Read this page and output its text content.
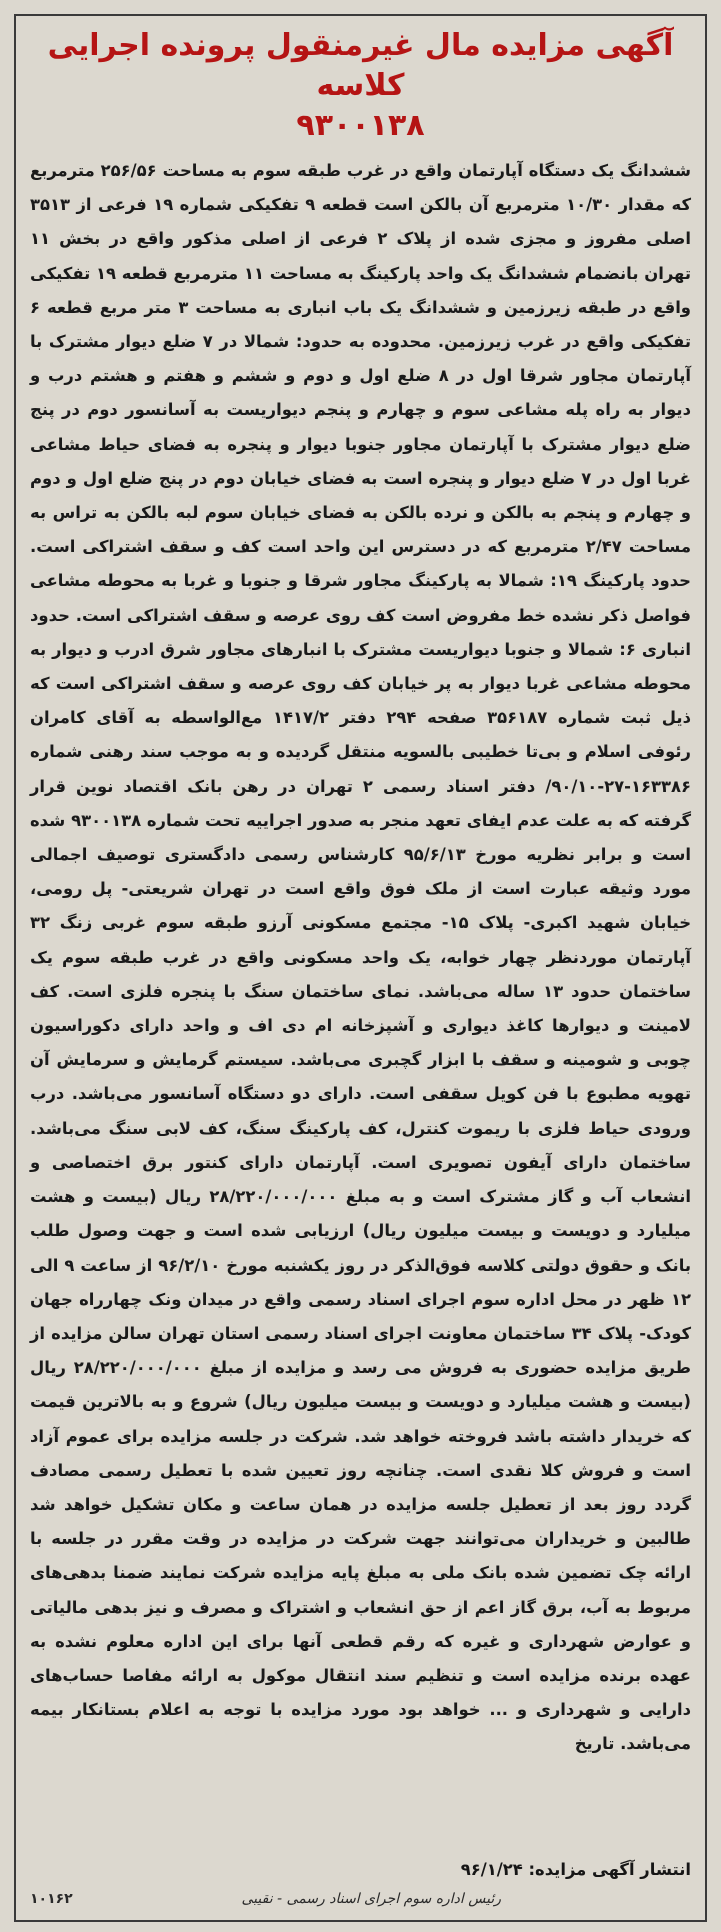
آگهی مزایده مال غیرمنقول پرونده اجرایی کلاسه
۹۳۰۰۱۳۸

ششدانگ یک دستگاه آپارتمان واقع در غرب طبقه سوم به مساحت ۲۵۶/۵۶ مترمربع که مقدار ۱۰/۳۰ مترمربع آن بالکن است قطعه ۹ تفکیکی شماره ۱۹ فرعی از ۳۵۱۳ اصلی مفروز و مجزی شده از پلاک ۲ فرعی از اصلی مذکور واقع در بخش ۱۱ تهران بانضمام ششدانگ یک واحد پارکینگ به مساحت ۱۱ مترمربع قطعه ۱۹ تفکیکی واقع در طبقه زیرزمین و ششدانگ یک باب انباری به مساحت ۳ متر مربع قطعه ۶ تفکیکی واقع در غرب زیرزمین. محدوده به حدود: شمالا در ۷ ضلع دیوار مشترک با آپارتمان مجاور شرقا اول در ۸ ضلع اول و دوم و ششم و هفتم و هشتم درب و دیوار به راه پله مشاعی سوم و چهارم و پنجم دیواریست به آسانسور دوم در پنج ضلع دیوار مشترک با آپارتمان مجاور جنوبا دیوار و پنجره به فضای حیاط مشاعی غربا اول در ۷ ضلع دیوار و پنجره است به فضای خیابان دوم در پنج ضلع اول و دوم و چهارم و پنجم به بالکن و نرده بالکن به فضای خیابان سوم لبه بالکن به تراس به مساحت ۲/۴۷ مترمربع که در دسترس این واحد است کف و سقف اشتراکی است. حدود پارکینگ ۱۹: شمالا به پارکینگ مجاور شرقا و جنوبا و غربا به محوطه مشاعی فواصل ذکر نشده خط مفروض است کف روی عرصه و سقف اشتراکی است. حدود انباری ۶: شمالا و جنوبا دیواریست مشترک با انبارهای مجاور شرق ادرب و دیوار به محوطه مشاعی غربا دیوار به پر خیابان کف روی عرصه و سقف اشتراکی است که ذیل ثبت شماره ۳۵۶۱۸۷ صفحه ۲۹۴ دفتر ۱۴۱۷/۲ مع‌الواسطه به آقای کامران رئوفی اسلام و بی‌تا خطیبی بالسویه منتقل گردیده و به موجب سند رهنی شماره ۱۶۳۳۸۶-۲۷-۹۰/۱۰/ دفتر اسناد رسمی ۲ تهران در رهن بانک اقتصاد نوین قرار گرفته که به علت عدم ایفای تعهد منجر به صدور اجراییه تحت شماره ۹۳۰۰۱۳۸ شده است و برابر نظریه مورخ ۹۵/۶/۱۳ کارشناس رسمی دادگستری توصیف اجمالی مورد وثیقه عبارت است از ملک فوق واقع است در تهران شریعتی- پل رومی، خیابان شهید اکبری- پلاک ۱۵- مجتمع مسکونی آرزو طبقه سوم غربی زنگ ۳۲ آپارتمان موردنظر چهار خوابه، یک واحد مسکونی واقع در غرب طبقه سوم یک ساختمان حدود ۱۳ ساله می‌باشد. نمای ساختمان سنگ با پنجره فلزی است. کف لامینت و دیوارها کاغذ دیواری و آشپزخانه ام دی اف و واحد دارای دکوراسیون چوبی و شومینه و سقف با ابزار گچبری می‌باشد. سیستم گرمایش و سرمایش آن تهویه مطبوع با فن کویل سقفی است. دارای دو دستگاه آسانسور می‌باشد. درب ورودی حیاط فلزی با ریموت کنترل، کف پارکینگ سنگ، کف لابی سنگ می‌باشد. ساختمان دارای آیفون تصویری است. آپارتمان دارای کنتور برق اختصاصی و انشعاب آب و گاز مشترک است و به مبلغ ۲۸/۲۲۰/۰۰۰/۰۰۰ ریال (بیست و هشت میلیارد و دویست و بیست میلیون ریال) ارزیابی شده است و جهت وصول طلب بانک و حقوق دولتی کلاسه فوق‌الذکر در روز یکشنبه مورخ ۹۶/۲/۱۰ از ساعت ۹ الی ۱۲ ظهر در محل اداره سوم اجرای اسناد رسمی واقع در میدان ونک چهارراه جهان کودک- پلاک ۳۴ ساختمان معاونت اجرای اسناد رسمی استان تهران سالن مزایده از طریق مزایده حضوری به فروش می رسد و مزایده از مبلغ ۲۸/۲۲۰/۰۰۰/۰۰۰ ریال (بیست و هشت میلیارد و دویست و بیست میلیون ریال) شروع و به بالاترین قیمت که خریدار داشته باشد فروخته خواهد شد. شرکت در جلسه مزایده برای عموم آزاد است و فروش کلا نقدی است. چنانچه روز تعیین شده با تعطیل رسمی مصادف گردد روز بعد از تعطیل جلسه مزایده در همان ساعت و مکان تشکیل خواهد شد طالبین و خریداران می‌توانند جهت شرکت در مزایده در وقت مقرر در جلسه با ارائه چک تضمین شده بانک ملی به مبلغ پایه مزایده شرکت نمایند ضمنا بدهی‌های مربوط به آب، برق گاز اعم از حق انشعاب و اشتراک و مصرف و نیز بدهی مالیاتی و عوارض شهرداری و غیره که رقم قطعی آنها برای این اداره معلوم نشده به عهده برنده مزایده است و تنظیم سند انتقال موکول به ارائه مفاصا حساب‌های دارایی و شهرداری و ... خواهد بود مورد مزایده با توجه به اعلام بستانکار بیمه می‌باشد. تاریخ

انتشار آگهی مزایده: ۹۶/۱/۲۴
رئیس اداره سوم اجرای اسناد رسمی - نقیبی
۱۰۱۶۲
